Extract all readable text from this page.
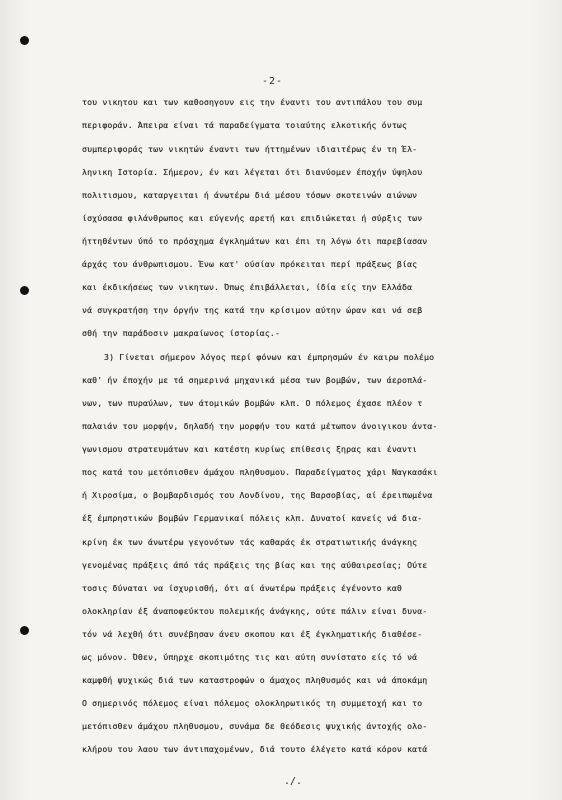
-2-
του νικητου και των καθοσηγουν εις την έναντι του αντιπάλου του συμ
περιφοράν. Άπειρα είναι τά παραδείγματα τοιαύτης ελκοτικής όντως
συμπεριφοράς των νικητών έναντι των ήττημένων ιδιαιτέρως έν τη Έλ-
ληνικη Ιστορία. Σήμερον, έν και λέγεται ότι διανύομεν έποχήν ύψηλου
πολιτισμου, καταργειται ή άνωτέρω διά μέσου τόσων σκοτεινών αιώνων
ίσχύσασα φιλάνθρωπος και εύγενής αρετή και επιδιώκεται ή σύρξις των
ήττηθέντων ύπό το πρόσχημα έγκλημάτων και έπι τη λόγω ότι παρεβίασαν
άρχάς του άνθρωπισμου. Ένω κατ' ούσίαν πρόκειται περί πράξεως βίας
και έκδικήσεως των νικητων. Όπως έπιβάλλεται, ίδία είς την Ελλάδα
νά συγκρατήση την όργήν της κατά την κρίσιμον αύτην ώραν και νά σεβ
σθή την παράδοσιν μακραίωνος ίστορίας.-
3) Γίνεται σήμερον λόγος περί φόνων και έμπρησμών έν καιρω πολέμο
καθ' ήν έποχήν με τά σημερινά μηχανικά μέσα των βομβών, των άεροπλά-
νων, των πυραύλων, των άτομικών βομβών κλπ. Ο πόλεμος έχασε πλέον τ
παλαιάν του μορφήν, δηλαδή την μορφήν του κατά μέτωπον άνοιγικου άντα-
γωνισμου στρατευμάτων και κατέστη κυρίως επίθεσις ξηρας και έναντι
πος κατά του μετόπισθεν άμάχου πληθυσμου. Παραδείγματος χάρι Ναγκασάκι
ή Χιροσίμα, ο βομβαρδισμός του Λονδίνου, της Βαρσοβίας, αί έρειπωμένα
έξ έμπρηστικών βομβών Γερμανικαί πόλεις κλπ. Δυνατοί κανείς νά δια-
κρίνη έκ των άνωτέρω γεγονότων τάς καθαράς έκ στρατιωτικής άνάγκης
γενομένας πράξεις άπό τάς πράξεις της βίας και της αύθαιρεσίας; Ούτε
τοσις δύναται να ίσχυρισθή, ότι αί άνωτέρω πράξεις έγένοντο καθ
ολοκληρίαν έξ άναποφεύκτου πολεμικής άνάγκης, ούτε πάλιν είναι δυνα-
τόν νά λεχθή ότι συνέβησαν άνευ σκοπου και έξ έγκληματικής διαθέσε-
ως μόνον. Όθεν, ύπηρχε σκοπιμότης τις και αύτη συνίστατο είς τό νά
καμφθή ψυχικώς διά των καταστροφών ο άμαχος πληθυσμός και νά άποκάμη
Ο σημερινός πόλεμος είναι πόλεμος ολοκληρωτικός τη συμμετοχή και το
μετόπισθεν άμάχου πληθυσμου, συνάμα δε θεόδεσις ψυχικής άντοχής ολο-
κλήρου του λαου των άντιπαχομένων, διά τουτο έλέγετο κατά κόρον κατά
./.
